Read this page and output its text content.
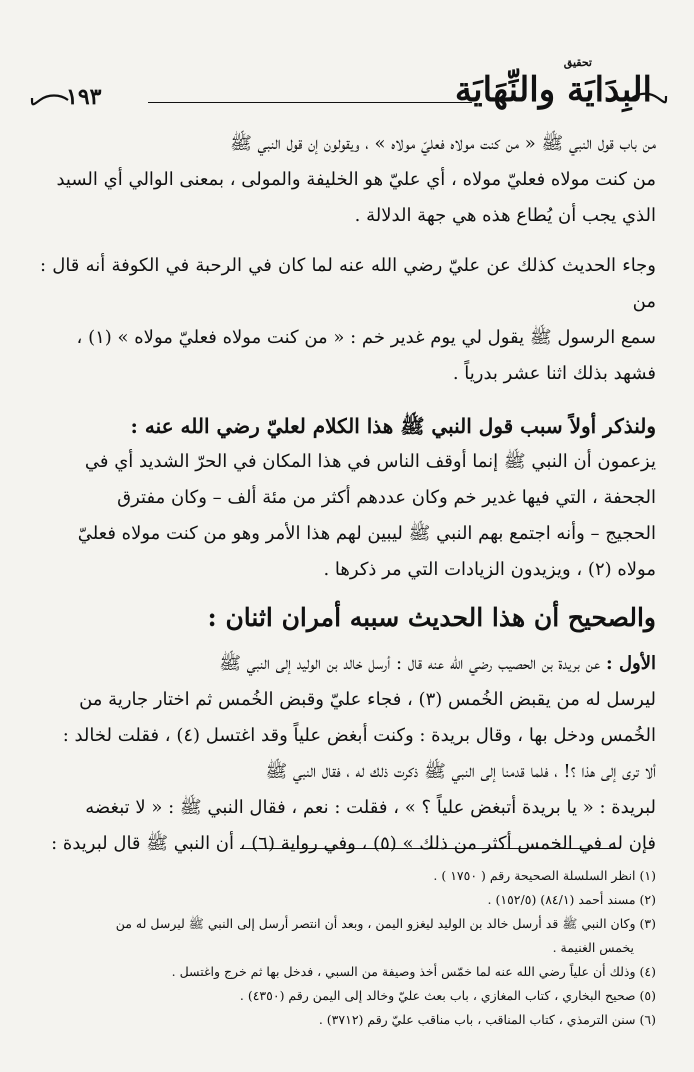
تحقيق
البِدَايَة والنِّهَايَة
١٩٣

من باب قول النبي ﷺ « من كنت مولاه فعليّ مولاه » ، ويقولون إن قول النبي ﷺ
من كنت مولاه فعليّ مولاه ، أي عليّ هو الخليفة والمولى ، بمعنى الوالي أي السيد
الذي يجب أن يُطاع هذه هي جهة الدلالة .

وجاء الحديث كذلك عن عليّ رضي الله عنه لما كان في الرحبة في الكوفة أنه قال : من
سمع الرسول ﷺ يقول لي يوم غدير خم : « من كنت مولاه فعليّ مولاه » (١) ،
فشهد بذلك اثنا عشر بدرياً .

ولنذكر أولاً سبب قول النبي ﷺ هذا الكلام لعليّ رضي الله عنه :

يزعمون أن النبي ﷺ إنما أوقف الناس في هذا المكان في الحرّ الشديد أي في
الجحفة ، التي فيها غدير خم وكان عددهم أكثر من مئة ألف – وكان مفترق
الحجيج – وأنه اجتمع بهم النبي ﷺ ليبين لهم هذا الأمر وهو من كنت مولاه فعليّ
مولاه (٢) ، ويزيدون الزيادات التي مر ذكرها .

والصحيح أن هذا الحديث سببه أمران اثنان :

الأول : عن بريدة بن الحصيب رضي الله عنه قال : أرسل خالد بن الوليد إلى النبي ﷺ
ليرسل له من يقبض الخُمس (٣) ، فجاء عليّ وقبض الخُمس ثم اختار جارية من
الخُمس ودخل بها ، وقال بريدة : وكنت أبغض علياً وقد اغتسل (٤) ، فقلت لخالد :
ألا ترى إلى هذا ؟! ، فلما قدمنا إلى النبي ﷺ ذكرت ذلك له ، فقال النبي ﷺ
لبريدة : « يا بريدة أتبغض علياً ؟ » ، فقلت : نعم ، فقال النبي ﷺ : « لا تبغضه
فإن له في الخمس أكثر من ذلك » (٥) ، وفي رواية (٦) ، أن النبي ﷺ قال لبريدة :

(١) انظر السلسلة الصحيحة رقم ( ١٧٥٠ ) .

(٢) مسند أحمد (٨٤/١) (١٥٢/٥) .

(٣) وكان النبي ﷺ قد أرسل خالد بن الوليد ليغزو اليمن ، وبعد أن انتصر أرسل إلى النبي ﷺ ليرسل له من

يخمس الغنيمة .

(٤) وذلك أن علياً رضي الله عنه لما خمّس أخذ وصيفة من السبي ، فدخل بها ثم خرج واغتسل .

(٥) صحيح البخاري ، كتاب المغازي ، باب بعث عليّ وخالد إلى اليمن رقم (٤٣٥٠) .

(٦) سنن الترمذي ، كتاب المناقب ، باب مناقب عليّ رقم (٣٧١٢) .
